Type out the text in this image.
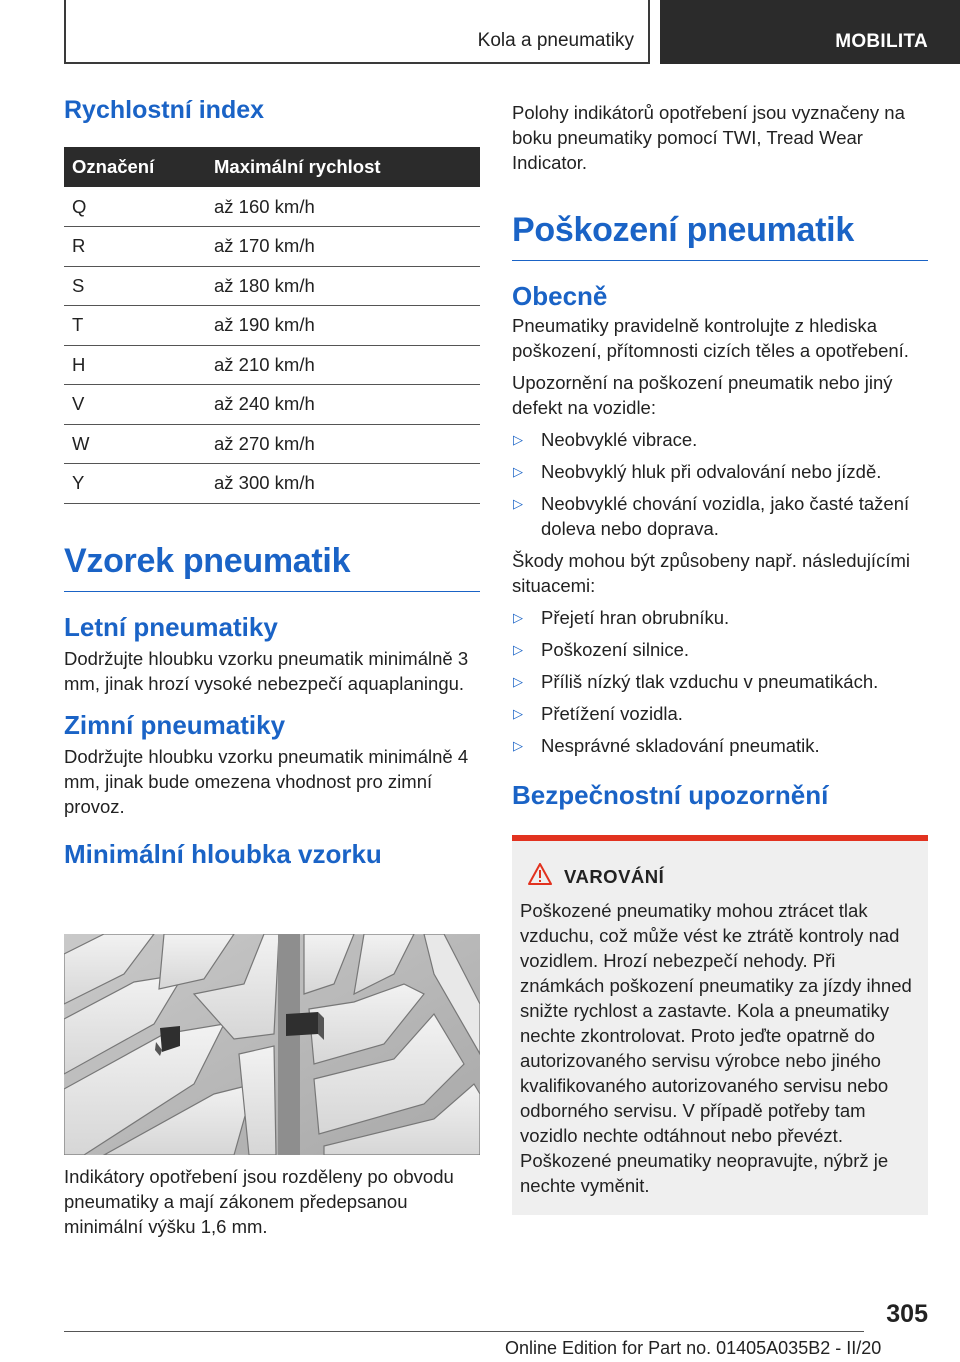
Kola a pneumatiky	MOBILITA
Rychlostní index
Označení	Maximální rychlost
Q	až 160 km/h
R	až 170 km/h
S	až 180 km/h
T	až 190 km/h
H	až 210 km/h
V	až 240 km/h
W	až 270 km/h
Y	až 300 km/h
Vzorek pneumatik
Letní pneumatiky

Dodržujte hloubku vzorku pneumatik minimálně 3 mm, jinak hrozí vysoké nebezpečí aquaplaningu.

Zimní pneumatiky

Dodržujte hloubku vzorku pneumatik minimálně 4 mm, jinak bude omezena vhodnost pro zimní provoz.

Minimální hloubka vzorku

Indikátory opotřebení jsou rozděleny po obvodu pneumatiky a mají zákonem předepsanou minimální výšku 1,6 mm.

Polohy indikátorů opotřebení jsou vyznačeny na boku pneumatiky pomocí TWI, Tread Wear Indicator.

Poškození pneumatik
Obecně

Pneumatiky pravidelně kontrolujte z hlediska poškození, přítomnosti cizích těles a opotřebení.

Upozornění na poškození pneumatik nebo jiný defekt na vozidle:

▷ Neobvyklé vibrace.
▷ Neobvyklý hluk při odvalování nebo jízdě.
▷ Neobvyklé chování vozidla, jako časté tažení doleva nebo doprava.

Škody mohou být způsobeny např. následujícími situacemi:

▷ Přejetí hran obrubníku.
▷ Poškození silnice.
▷ Příliš nízký tlak vzduchu v pneumatikách.
▷ Přetížení vozidla.
▷ Nesprávné skladování pneumatik.
Bezpečnostní upozornění
VAROVÁNÍ

Poškozené pneumatiky mohou ztrácet tlak vzduchu, což může vést ke ztrátě kontroly nad vozidlem. Hrozí nebezpečí nehody. Při známkách poškození pneumatiky za jízdy ihned snižte rychlost a zastavte. Kola a pneumatiky nechte zkontrolovat. Proto jeďte opatrně do autorizovaného servisu výrobce nebo jiného kvalifikovaného autorizovaného servisu nebo odborného servisu. V případě potřeby tam vozidlo nechte odtáhnout nebo převézt. Poškozené pneumatiky neopravujte, nýbrž je nechte vyměnit.

305
Online Edition for Part no. 01405A035B2 - II/20
